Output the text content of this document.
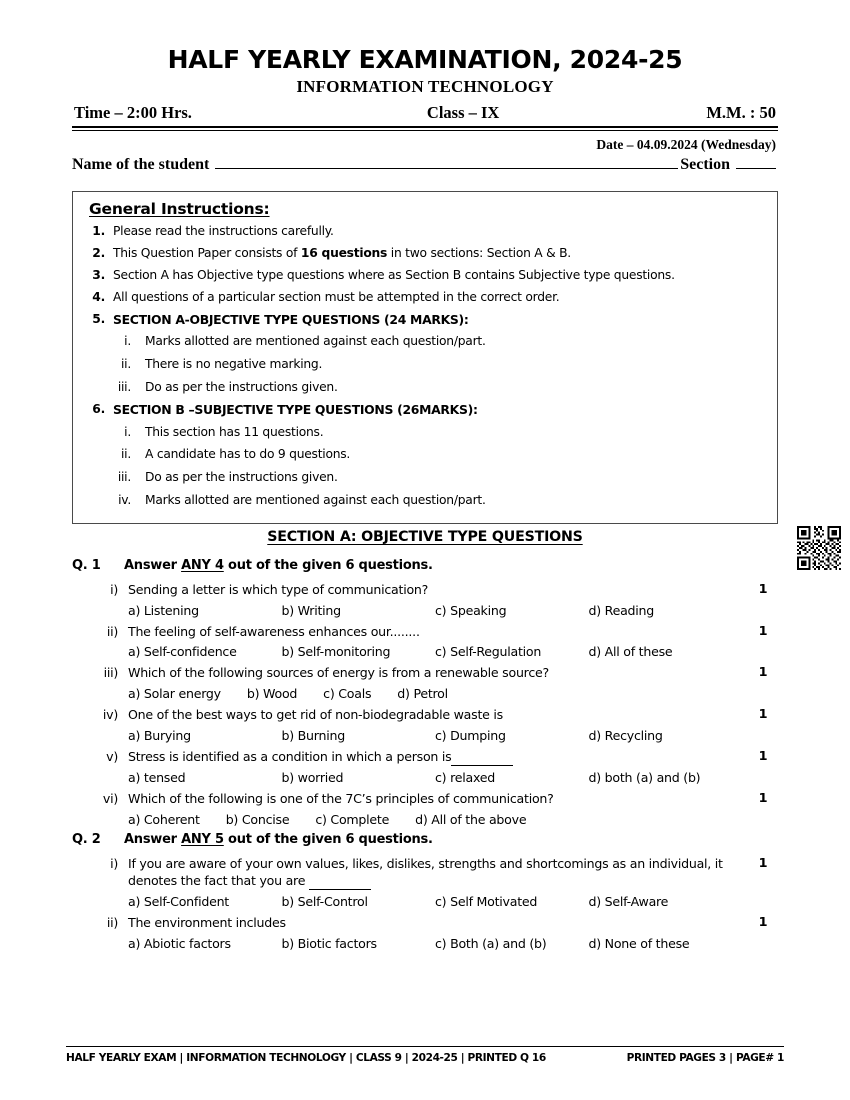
HALF YEARLY EXAMINATION, 2024-25
INFORMATION TECHNOLOGY
Time – 2:00 Hrs.	Class – IX	M.M. : 50
Date – 04.09.2024 (Wednesday)
Name of the student	Section
General Instructions:
1. Please read the instructions carefully.
2. This Question Paper consists of 16 questions in two sections: Section A & B.
3. Section A has Objective type questions where as Section B contains Subjective type questions.
4. All questions of a particular section must be attempted in the correct order.
5. SECTION A-OBJECTIVE TYPE QUESTIONS (24 MARKS):
i.	Marks allotted are mentioned against each question/part.
ii.	There is no negative marking.
iii.	Do as per the instructions given.
6. SECTION B –SUBJECTIVE TYPE QUESTIONS (26MARKS):
i.	This section has 11 questions.
ii.	A candidate has to do 9 questions.
iii.	Do as per the instructions given.
iv.	Marks allotted are mentioned against each question/part.
SECTION A: OBJECTIVE TYPE QUESTIONS
Q. 1	Answer ANY 4 out of the given 6 questions.
i) Sending a letter is which type of communication?	1
a) Listening	b) Writing	c) Speaking	d) Reading
ii) The feeling of self-awareness enhances our........	1
a) Self-confidence	b) Self-monitoring	c) Self-Regulation	d) All of these
iii) Which of the following sources of energy is from a renewable source?	1
a) Solar energy b) Wood c) Coals d) Petrol
iv) One of the best ways to get rid of non-biodegradable waste is	1
a) Burying	b) Burning	c) Dumping	d) Recycling
v) Stress is identified as a condition in which a person is	1
a) tensed	b) worried	c) relaxed	d) both (a) and (b)
vi) Which of the following is one of the 7C’s principles of communication?	1
a) Coherent b) Concise c) Complete d) All of the above
Q. 2	Answer ANY 5 out of the given 6 questions.
i) If you are aware of your own values, likes, dislikes, strengths and shortcomings as an individual, it denotes the fact that you are
1
a) Self-Confident	b) Self-Control	c) Self Motivated	d) Self-Aware
ii) The environment includes	1
a) Abiotic factors	b) Biotic factors	c) Both (a) and (b)	d) None of these
HALF YEARLY EXAM | INFORMATION TECHNOLOGY | CLASS 9 | 2024-25 | PRINTED Q 16	PRINTED PAGES 3 | PAGE# 1
